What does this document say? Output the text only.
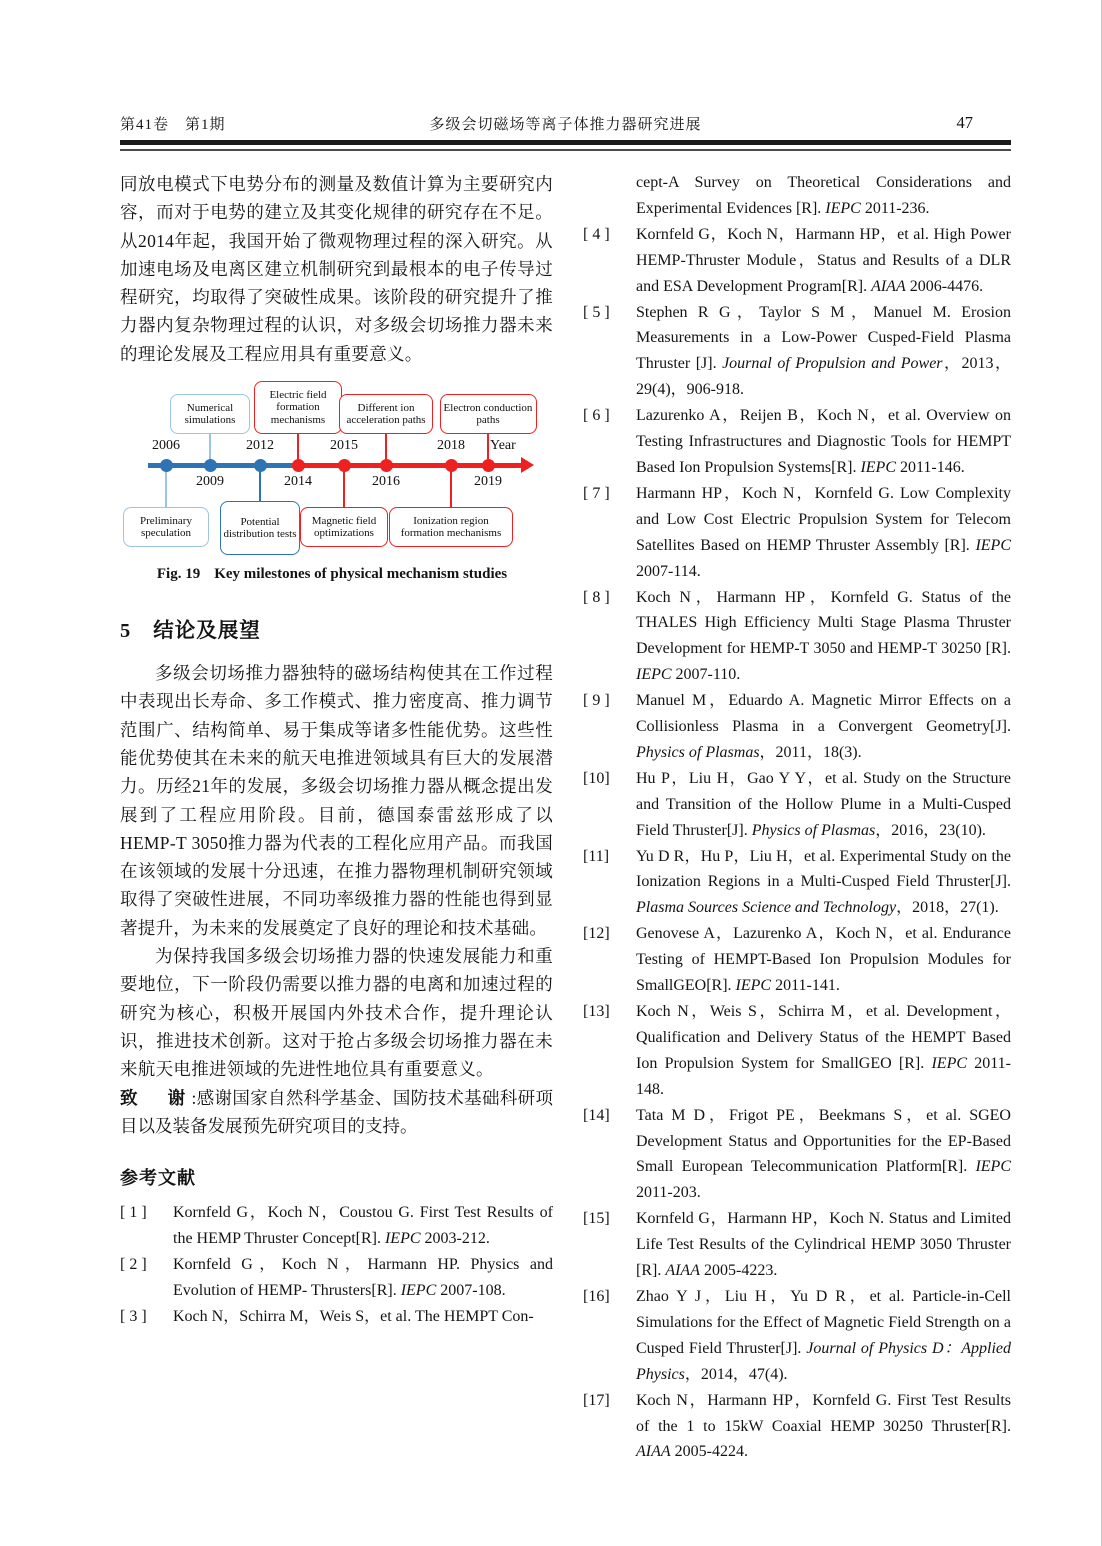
第41卷　第1期	多级会切磁场等离子体推力器研究进展	47

同放电模式下电势分布的测量及数值计算为主要研究内容，而对于电势的建立及其变化规律的研究存在不足。从2014年起，我国开始了微观物理过程的深入研究。从加速电场及电离区建立机制研究到最根本的电子传导过程研究，均取得了突破性成果。该阶段的研究提升了推力器内复杂物理过程的认识，对多级会切场推力器未来的理论发展及工程应用具有重要意义。

Year
2006
Preliminary speculation
2009
Numerical simulations
2012
Potential distribution tests
2014
Electric field formation mechanisms
2015
Magnetic field optimizations
2016
Different ion acceleration paths
2018
Ionization region formation mechanisms
2019
Electron conduction paths
Fig. 19 Key milestones of physical mechanism studies
5 结论及展望

多级会切场推力器独特的磁场结构使其在工作过程中表现出长寿命、多工作模式、推力密度高、推力调节范围广、结构简单、易于集成等诸多性能优势。这些性能优势使其在未来的航天电推进领域具有巨大的发展潜力。历经21年的发展，多级会切场推力器从概念提出发展到了工程应用阶段。目前，德国泰雷兹形成了以HEMP-T 3050推力器为代表的工程化应用产品。而我国在该领域的发展十分迅速，在推力器物理机制研究领域取得了突破性进展，不同功率级推力器的性能也得到显著提升，为未来的发展奠定了良好的理论和技术基础。

为保持我国多级会切场推力器的快速发展能力和重要地位，下一阶段仍需要以推力器的电离和加速过程的研究为核心，积极开展国内外技术合作，提升理论认识，推进技术创新。这对于抢占多级会切场推力器在未来航天电推进领域的先进性地位具有重要意义。

致　谢:感谢国家自然科学基金、国防技术基础科研项目以及装备发展预先研究项目的支持。

参考文献
[ 1 ]	Kornfeld G，Koch N，Coustou G. First Test Results of the HEMP Thruster Concept[R]. IEPC 2003-212.
[ 2 ]	Kornfeld G，Koch N，Harmann HP. Physics and Evolution of HEMP- Thrusters[R]. IEPC 2007-108.
[ 3 ]	Koch N，Schirra M，Weis S，et al. The HEMPT Con-
cept-A Survey on Theoretical Considerations and Experimental Evidences [R]. IEPC 2011-236.
[ 4 ]	Kornfeld G，Koch N，Harmann HP，et al. High Power HEMP-Thruster Module，Status and Results of a DLR and ESA Development Program[R]. AIAA 2006-4476.
[ 5 ]	Stephen R G，Taylor S M，Manuel M. Erosion Measurements in a Low-Power Cusped-Field Plasma Thruster [J]. Journal of Propulsion and Power，2013，29(4)，906-918.
[ 6 ]	Lazurenko A，Reijen B，Koch N，et al. Overview on Testing Infrastructures and Diagnostic Tools for HEMPT Based Ion Propulsion Systems[R]. IEPC 2011-146.
[ 7 ]	Harmann HP，Koch N，Kornfeld G. Low Complexity and Low Cost Electric Propulsion System for Telecom Satellites Based on HEMP Thruster Assembly [R]. IEPC 2007-114.
[ 8 ]	Koch N，Harmann HP，Kornfeld G. Status of the THALES High Efficiency Multi Stage Plasma Thruster Development for HEMP-T 3050 and HEMP-T 30250 [R]. IEPC 2007-110.
[ 9 ]	Manuel M，Eduardo A. Magnetic Mirror Effects on a Collisionless Plasma in a Convergent Geometry[J]. Physics of Plasmas，2011，18(3).
[10]	Hu P，Liu H，Gao Y Y，et al. Study on the Structure and Transition of the Hollow Plume in a Multi-Cusped Field Thruster[J]. Physics of Plasmas，2016，23(10).
[11]	Yu D R，Hu P，Liu H，et al. Experimental Study on the Ionization Regions in a Multi-Cusped Field Thruster[J]. Plasma Sources Science and Technology，2018，27(1).
[12]	Genovese A，Lazurenko A，Koch N，et al. Endurance Testing of HEMPT-Based Ion Propulsion Modules for SmallGEO[R]. IEPC 2011-141.
[13]	Koch N，Weis S，Schirra M，et al. Development，Qualification and Delivery Status of the HEMPT Based Ion Propulsion System for SmallGEO [R]. IEPC 2011-148.
[14]	Tata M D，Frigot PE，Beekmans S，et al. SGEO Development Status and Opportunities for the EP-Based Small European Telecommunication Platform[R]. IEPC 2011-203.
[15]	Kornfeld G，Harmann HP，Koch N. Status and Limited Life Test Results of the Cylindrical HEMP 3050 Thruster [R]. AIAA 2005-4223.
[16]	Zhao Y J，Liu H，Yu D R，et al. Particle-in-Cell Simulations for the Effect of Magnetic Field Strength on a Cusped Field Thruster[J]. Journal of Physics D：Applied Physics，2014，47(4).
[17]	Koch N，Harmann HP，Kornfeld G. First Test Results of the 1 to 15kW Coaxial HEMP 30250 Thruster[R]. AIAA 2005-4224.
